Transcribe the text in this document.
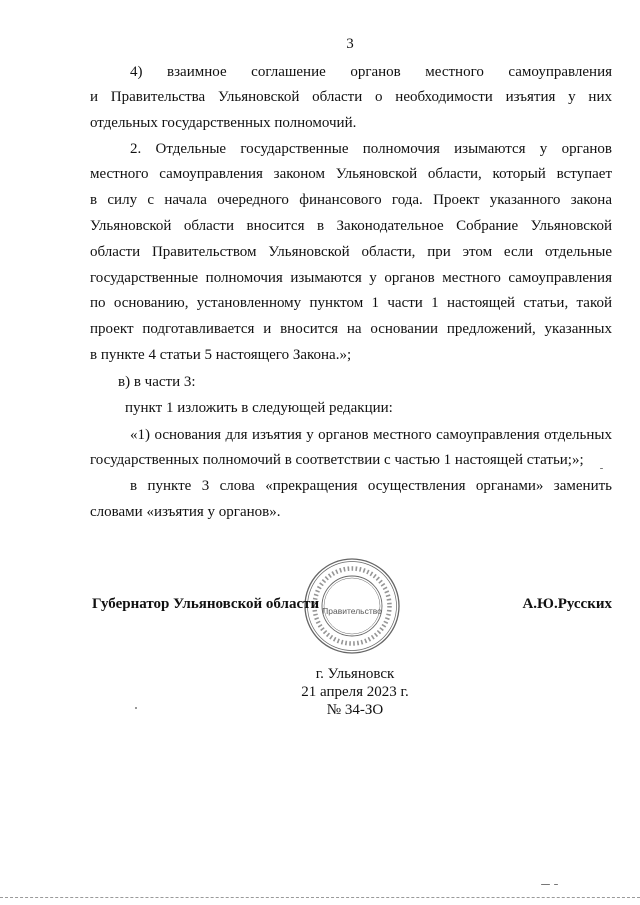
3
4) взаимное соглашение органов местного самоуправления
и Правительства Ульяновской области о необходимости изъятия у них
отдельных государственных полномочий.
2. Отдельные государственные полномочия изымаются у органов
местного самоуправления законом Ульяновской области, который вступает
в силу с начала очередного финансового года. Проект указанного закона
Ульяновской области вносится в Законодательное Собрание Ульяновской
области Правительством Ульяновской области, при этом если отдельные
государственные полномочия изымаются у органов местного самоуправления
по основанию, установленному пунктом 1 части 1 настоящей статьи, такой
проект подготавливается и вносится на основании предложений, указанных
в пункте 4 статьи 5 настоящего Закона.»;
в) в части 3:
пункт 1 изложить в следующей редакции:
«1) основания для изъятия у органов местного самоуправления отдельных
государственных полномочий в соответствии с частью 1 настоящей статьи;»;
в пункте 3 слова «прекращения осуществления органами» заменить
словами «изъятия у органов».
Губернатор Ульяновской области	А.Ю.Русских
Правительство
г. Ульяновск
21 апреля 2023 г.
№ 34-ЗО
